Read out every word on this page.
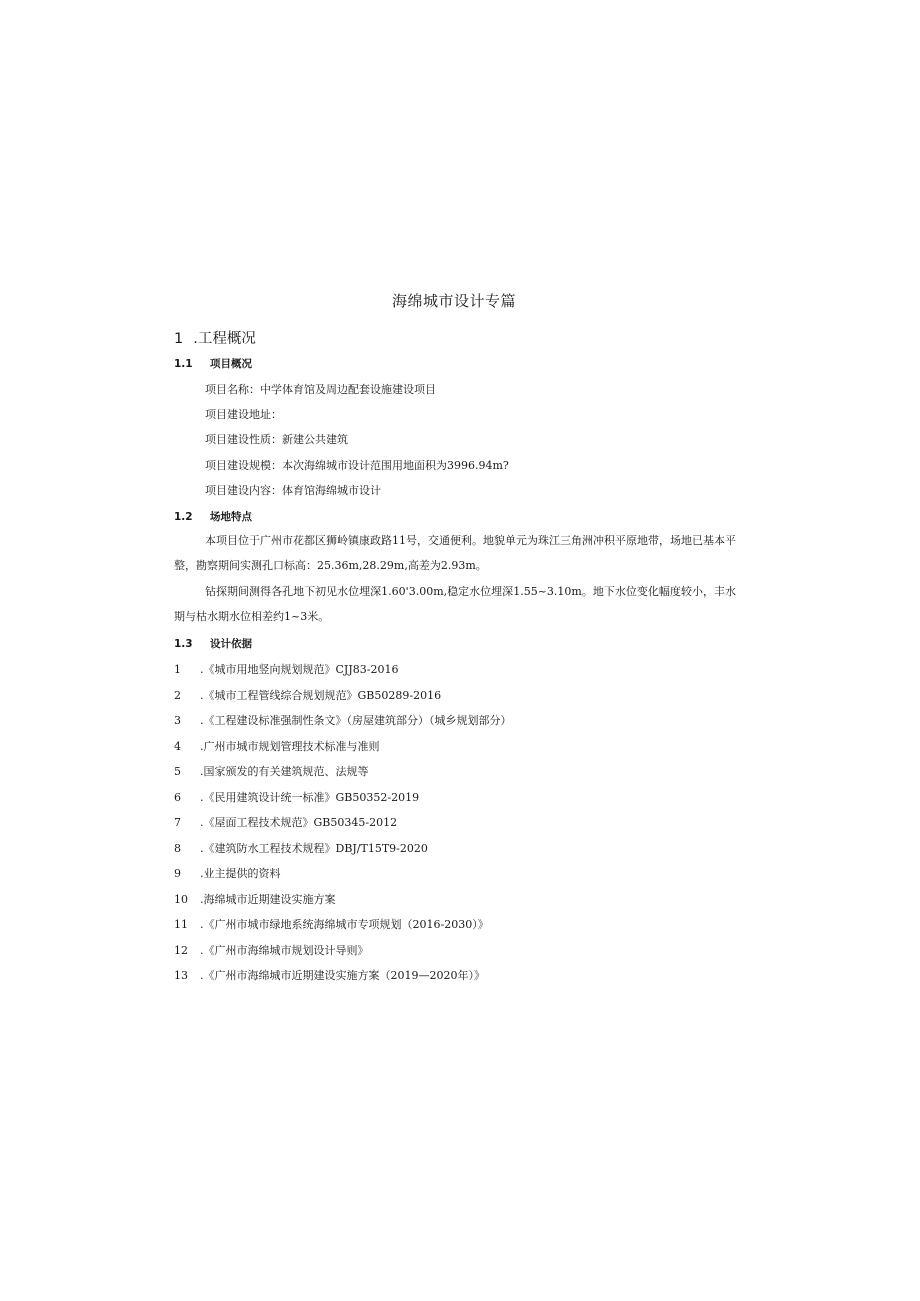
海绵城市设计专篇
1 .工程概况
1.1 项目概况
项目名称：中学体育馆及周边配套设施建设项目
项目建设地址：
项目建设性质：新建公共建筑
项目建设规模：本次海绵城市设计范围用地面积为3996.94m?
项目建设内容：体育馆海绵城市设计
1.2 场地特点

本项目位于广州市花都区狮岭镇康政路11号，交通便利。地貌单元为珠江三角洲冲积平原地带，场地已基本平整，勘察期间实测孔口标高：25.36m,28.29m,高差为2.93m。

钻探期间测得各孔地下初见水位埋深1.60'3.00m,稳定水位埋深1.55~3.10m。地下水位变化幅度较小，丰水期与枯水期水位相差约1~3米。

1.3 设计依据
1 .《城市用地竖向规划规范》CJJ83-2016
2 .《城市工程管线综合规划规范》GB50289-2016
3 .《工程建设标准强制性条文》（房屋建筑部分）（城乡规划部分）
4 .广州市城市规划管理技术标准与准则
5 .国家颁发的有关建筑规范、法规等
6 .《民用建筑设计统一标准》GB50352-2019
7 .《屋面工程技术规范》GB50345-2012
8 .《建筑防水工程技术规程》DBJ/T15T9-2020
9 .业主提供的资料
10 .海绵城市近期建设实施方案
11 .《广州市城市绿地系统海绵城市专项规划（2016-2030）》
12 .《广州市海绵城市规划设计导则》
13 .《广州市海绵城市近期建设实施方案（2019—2020年）》
